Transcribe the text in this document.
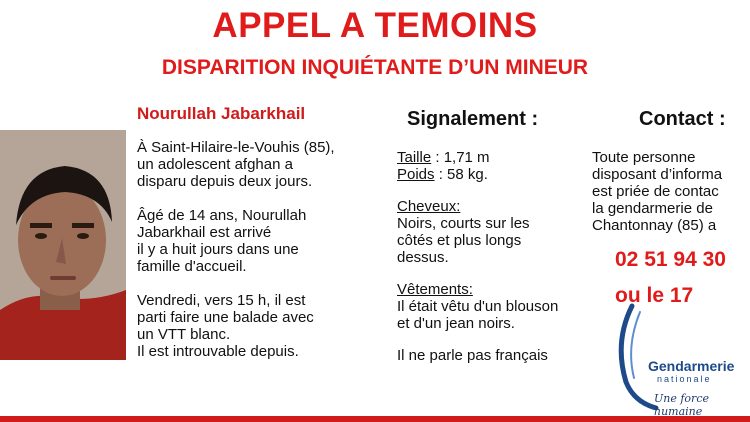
APPEL A TEMOINS
DISPARITION INQUIÉTANTE D’UN MINEUR
Nourullah Jabarkhail
À Saint-Hilaire-le-Vouhis (85),
un adolescent afghan a
disparu depuis deux jours.
Âgé de 14 ans, Nourullah
Jabarkhail est arrivé
il y a huit jours dans une
famille d'accueil.
Vendredi, vers 15 h, il est
parti faire une balade avec
un VTT blanc.
Il est introuvable depuis.
Signalement :
Taille : 1,71 m
Poids : 58 kg.
Cheveux:
Noirs, courts sur les
côtés et plus longs
dessus.
Vêtements:
Il était vêtu d'un blouson
et d'un jean noirs.
Il ne parle pas français
Contact :
Toute personne
disposant d’informa
est priée de contac
la gendarmerie de
Chantonnay (85) a
02 51 94 30
ou le 17
Gendarmerie
nationale
Une force humaine
